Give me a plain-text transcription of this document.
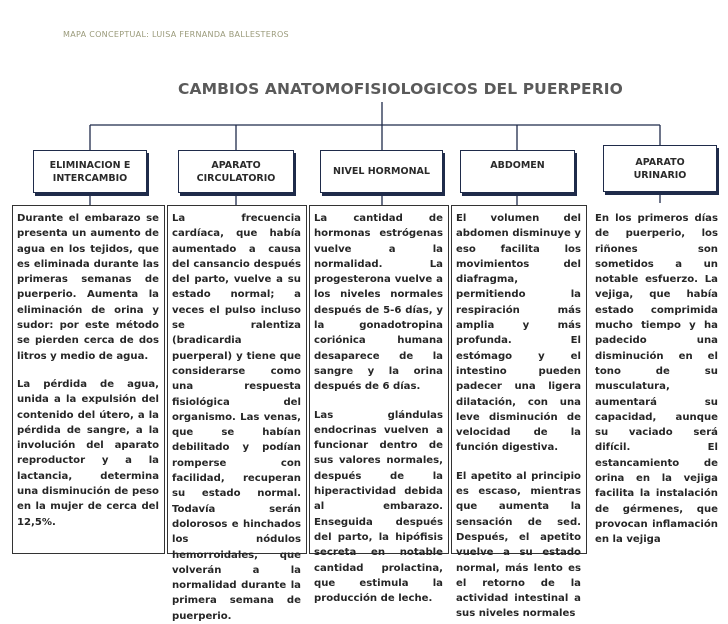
MAPA CONCEPTUAL: LUISA FERNANDA BALLESTEROS
CAMBIOS ANATOMOFISIOLOGICOS DEL PUERPERIO
ELIMINACION E INTERCAMBIO
APARATO CIRCULATORIO
NIVEL HORMONAL
ABDOMEN	APARATO URINARIO

Durante el embarazo se presenta un aumento de agua en los tejidos, que es eliminada durante las primeras semanas de puerperio. Aumenta la eliminación de orina y sudor: por este método se pierden cerca de dos litros y medio de agua.

La pérdida de agua, unida a la expulsión del contenido del útero, a la pérdida de sangre, a la involución del aparato reproductor y a la lactancia, determina una disminución de peso en la mujer de cerca del 12,5%.

La frecuencia cardíaca, que había aumentado a causa del cansancio después del parto, vuelve a su estado normal; a veces el pulso incluso se ralentiza (bradicardia puerperal) y tiene que considerarse como una respuesta fisiológica del organismo. Las venas, que se habían debilitado y podían romperse con facilidad, recuperan su estado normal. Todavía serán dolorosos e hinchados los nódulos hemorroidales, que volverán a la normalidad durante la primera semana de puerperio.

La cantidad de hormonas estrógenas vuelve a la normalidad. La progesterona vuelve a los niveles normales después de 5-6 días, y la gonadotropina coriónica humana desaparece de la sangre y la orina después de 6 días.

Las glándulas endocrinas vuelven a funcionar dentro de sus valores normales, después de la hiperactividad debida al embarazo. Enseguida después del parto, la hipófisis secreta en notable cantidad prolactina, que estimula la producción de leche.

El volumen del abdomen disminuye y eso facilita los movimientos del diafragma, permitiendo la respiración más amplia y más profunda. El estómago y el intestino pueden padecer una ligera dilatación, con una leve disminución de velocidad de la función digestiva.

El apetito al principio es escaso, mientras que aumenta la sensación de sed. Después, el apetito vuelve a su estado normal, más lento es el retorno de la actividad intestinal a sus niveles normales

En los primeros días de puerperio, los riñones son sometidos a un notable esfuerzo. La vejiga, que había estado comprimida mucho tiempo y ha padecido una disminución en el tono de su musculatura, aumentará su capacidad, aunque su vaciado será difícil. El estancamiento de orina en la vejiga facilita la instalación de gérmenes, que provocan inflamación en la vejiga
